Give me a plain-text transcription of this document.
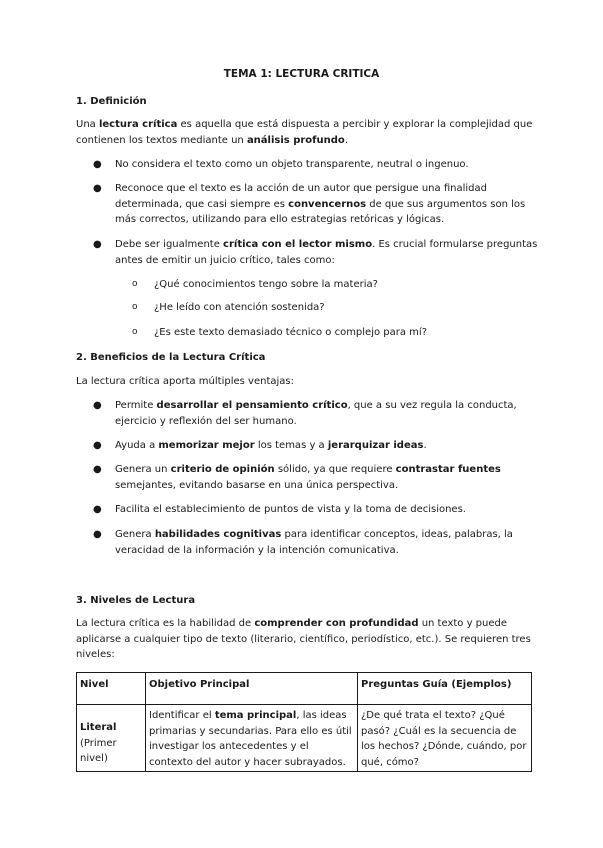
TEMA 1: LECTURA CRITICA
1. Definición
Una lectura crítica es aquella que está dispuesta a percibir y explorar la complejidad que contienen los textos mediante un análisis profundo.
● No considera el texto como un objeto transparente, neutral o ingenuo.
● Reconoce que el texto es la acción de un autor que persigue una finalidad determinada, que casi siempre es convencernos de que sus argumentos son los más correctos, utilizando para ello estrategias retóricas y lógicas.
● Debe ser igualmente crítica con el lector mismo. Es crucial formularse preguntas antes de emitir un juicio crítico, tales como:
o	¿Qué conocimientos tengo sobre la materia?
o	¿He leído con atención sostenida?
o	¿Es este texto demasiado técnico o complejo para mí?
2. Beneficios de la Lectura Crítica
La lectura crítica aporta múltiples ventajas:
● Permite desarrollar el pensamiento crítico, que a su vez regula la conducta, ejercicio y reflexión del ser humano.
● Ayuda a memorizar mejor los temas y a jerarquizar ideas.
● Genera un criterio de opinión sólido, ya que requiere contrastar fuentes semejantes, evitando basarse en una única perspectiva.
● Facilita el establecimiento de puntos de vista y la toma de decisiones.
● Genera habilidades cognitivas para identificar conceptos, ideas, palabras, la veracidad de la información y la intención comunicativa.
3. Niveles de Lectura
La lectura crítica es la habilidad de comprender con profundidad un texto y puede aplicarse a cualquier tipo de texto (literario, científico, periodístico, etc.). Se requieren tres niveles:
Nivel	Objetivo Principal	Preguntas Guía (Ejemplos)

Literal
(Primer nivel)	Identificar el tema principal, las ideas primarias y secundarias. Para ello es útil investigar los antecedentes y el contexto del autor y hacer subrayados.	¿De qué trata el texto? ¿Qué pasó? ¿Cuál es la secuencia de los hechos? ¿Dónde, cuándo, por qué, cómo?
